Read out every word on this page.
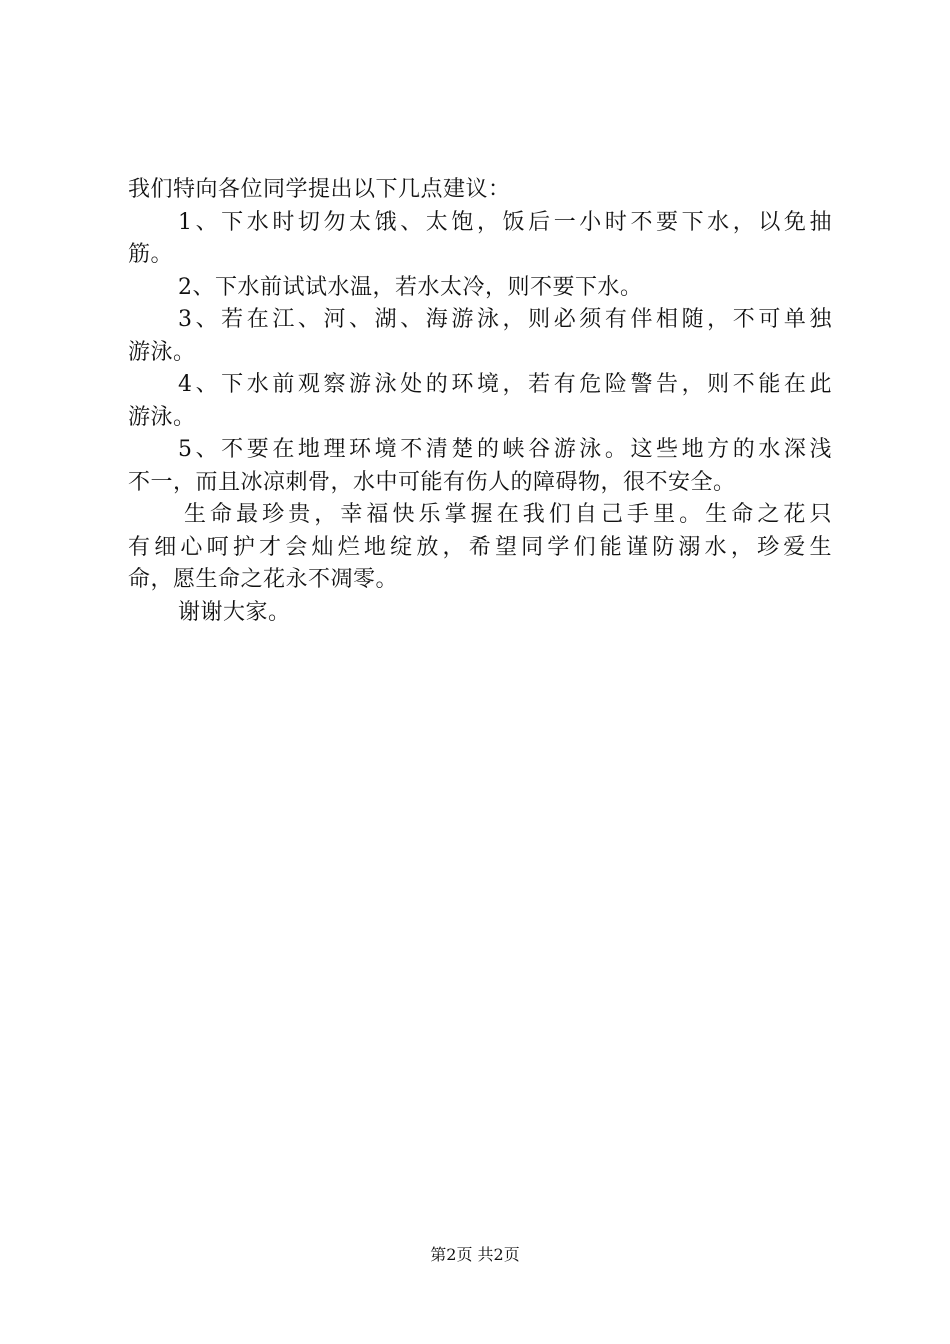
我们特向各位同学提出以下几点建议：
1、下水时切勿太饿、太饱，饭后一小时不要下水，以免抽
筋。
2、下水前试试水温，若水太冷，则不要下水。
3、若在江、河、湖、海游泳，则必须有伴相随，不可单独
游泳。
4、下水前观察游泳处的环境，若有危险警告，则不能在此
游泳。
5、不要在地理环境不清楚的峡谷游泳。这些地方的水深浅
不一，而且冰凉刺骨，水中可能有伤人的障碍物，很不安全。
生命最珍贵，幸福快乐掌握在我们自己手里。生命之花只
有细心呵护才会灿烂地绽放，希望同学们能谨防溺水，珍爱生
命，愿生命之花永不凋零。
谢谢大家。
第2页 共2页
